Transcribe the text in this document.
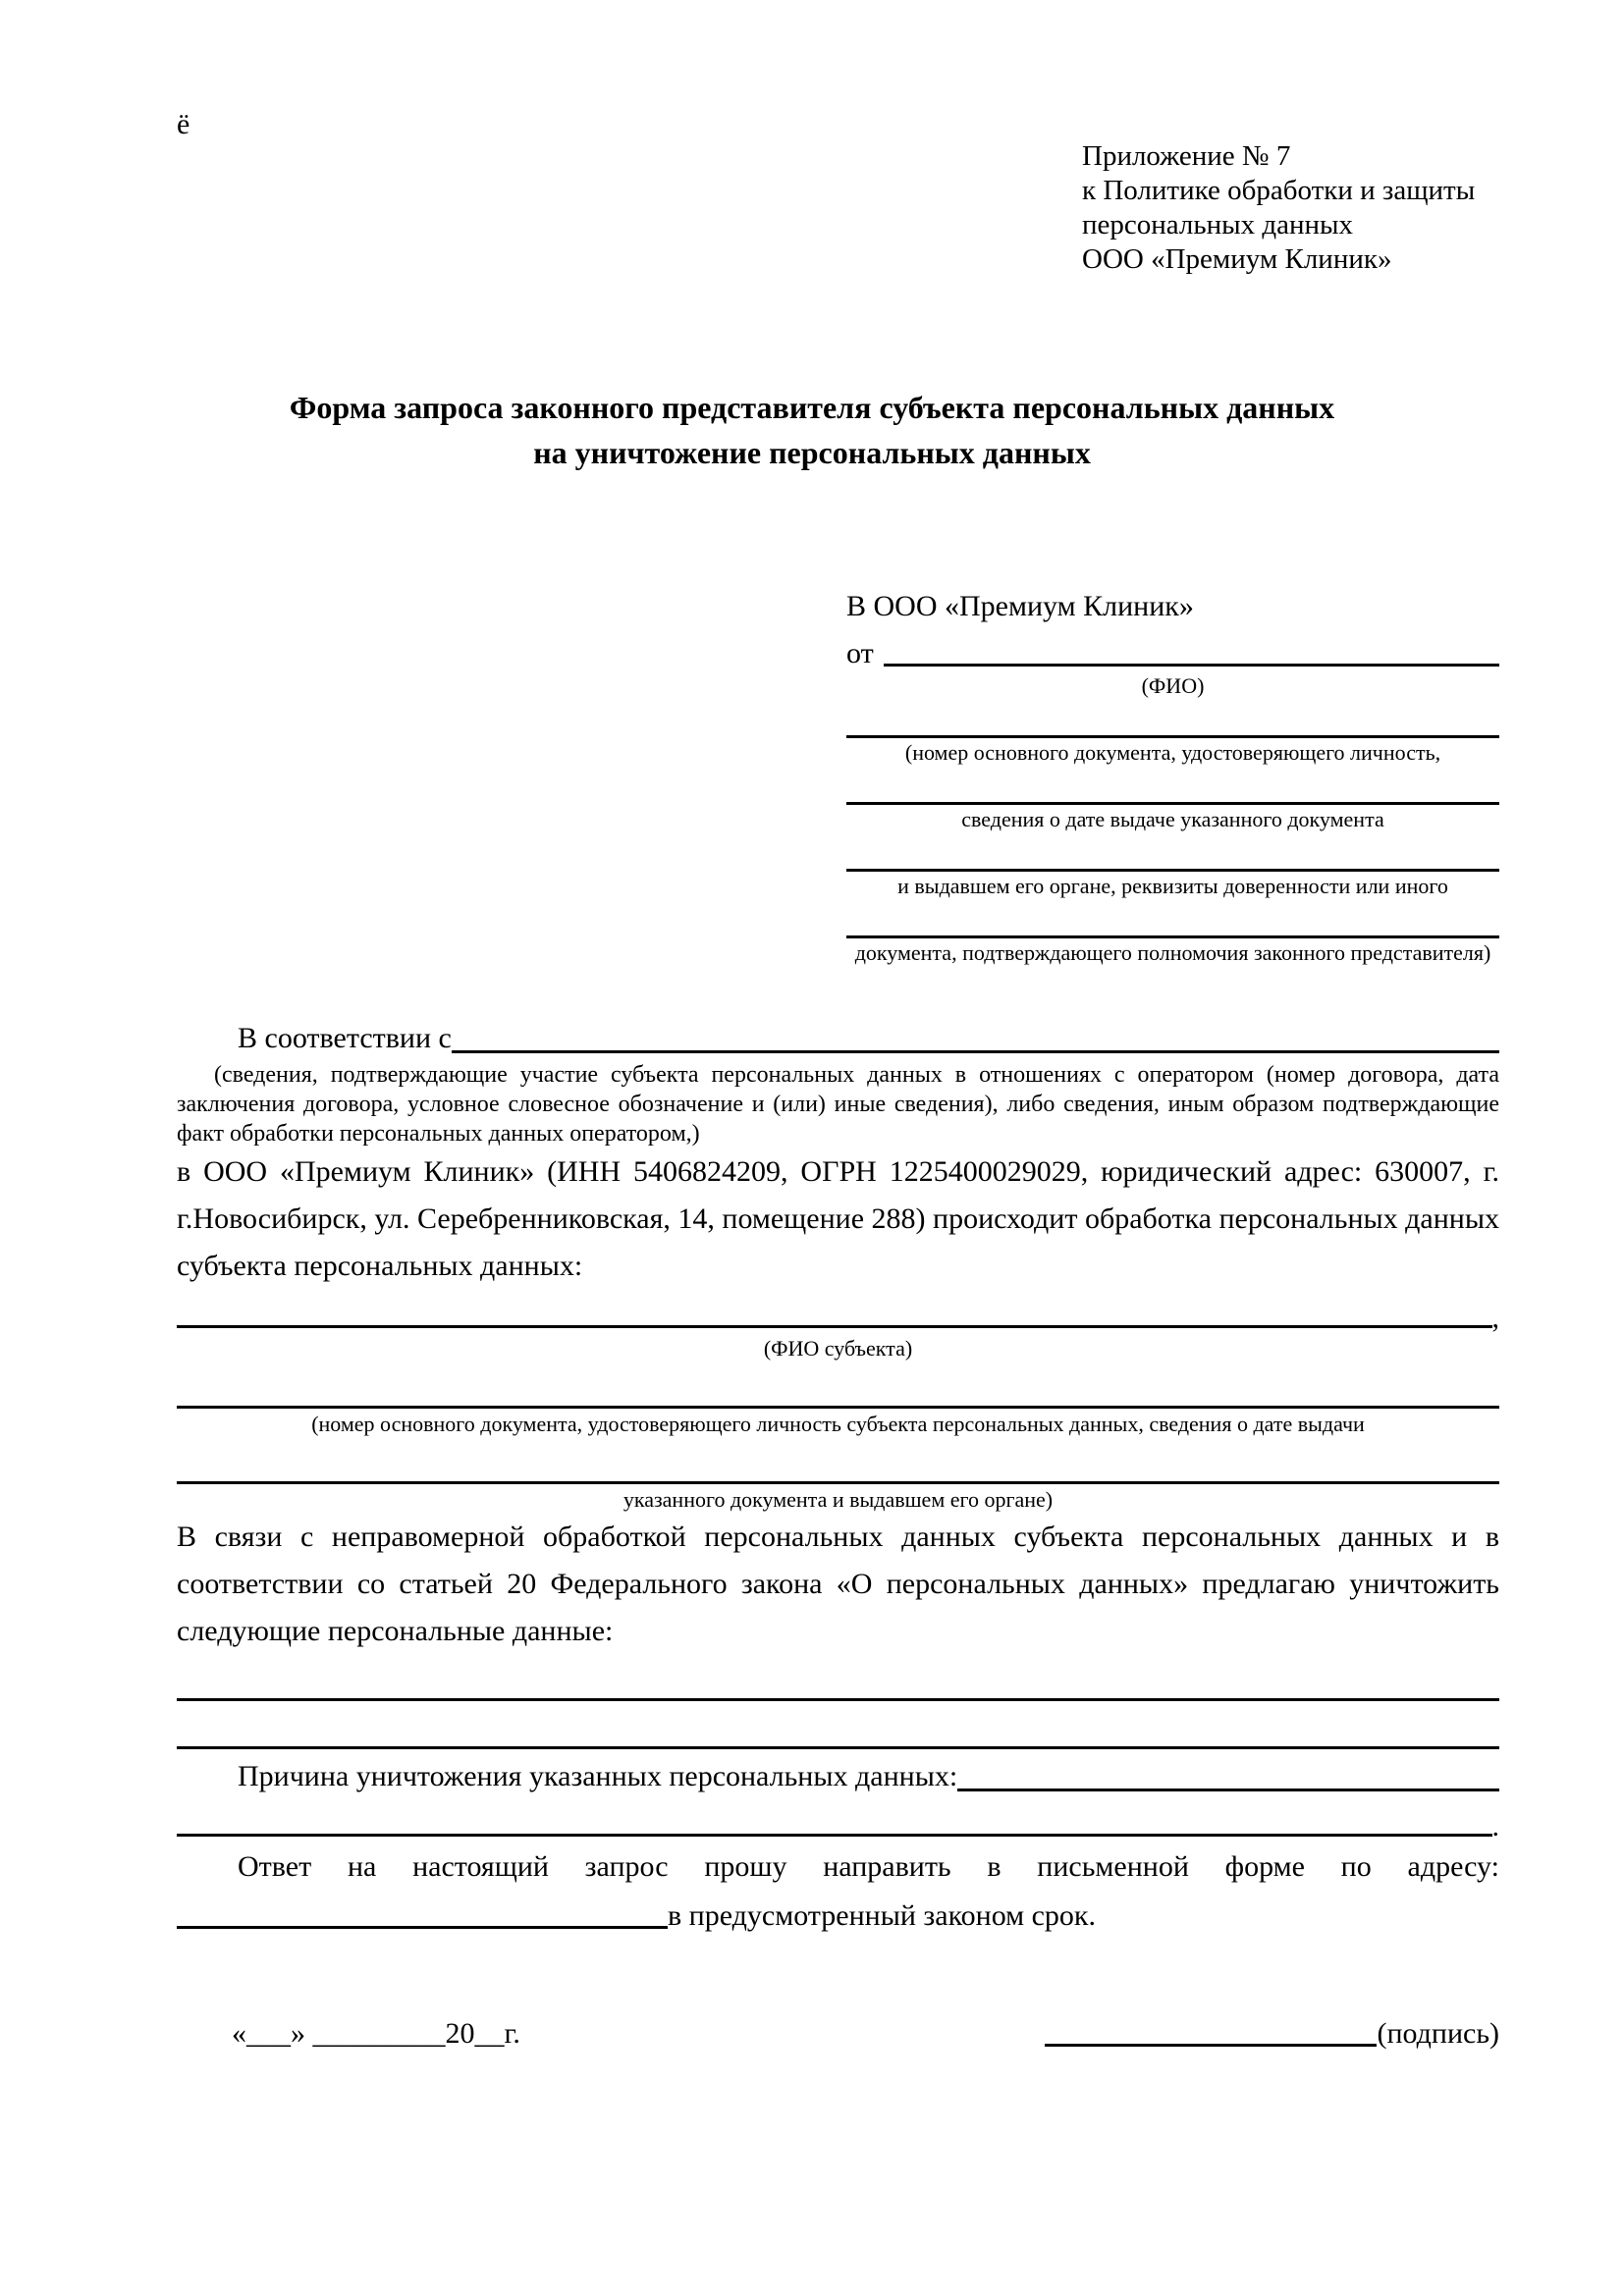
ё
Приложение № 7
к Политике обработки и защиты
персональных данных
ООО «Премиум Клиник»
Форма запроса законного представителя субъекта персональных данных
на уничтожение персональных данных
В ООО «Премиум Клиник»
от
(ФИО)
(номер основного документа, удостоверяющего личность,
сведения о дате выдаче указанного документа
и выдавшем его органе, реквизиты доверенности или иного
документа, подтверждающего полномочия законного представителя)
В соответствии с

(сведения, подтверждающие участие субъекта персональных данных в отношениях с оператором (номер договора, дата заключения договора, условное словесное обозначение и (или) иные сведения), либо сведения, иным образом подтверждающие факт обработки персональных данных оператором,)

в ООО «Премиум Клиник» (ИНН 5406824209, ОГРН 1225400029029, юридический адрес: 630007, г. г.Новосибирск, ул. Серебренниковская, 14, помещение 288) происходит обработка персональных данных субъекта персональных данных:

,
(ФИО субъекта)
(номер основного документа, удостоверяющего личность субъекта персональных данных, сведения о дате выдачи
указанного документа и выдавшем его органе)

В связи с неправомерной обработкой персональных данных субъекта персональных данных и в соответствии со статьей 20 Федерального закона «О персональных данных» предлагаю уничтожить следующие персональные данные:

Причина уничтожения указанных персональных данных:
.

Ответ на настоящий запрос прошу направить в письменной форме по адресу:

в предусмотренный законом срок.
«___» _________20__г.	(подпись)
